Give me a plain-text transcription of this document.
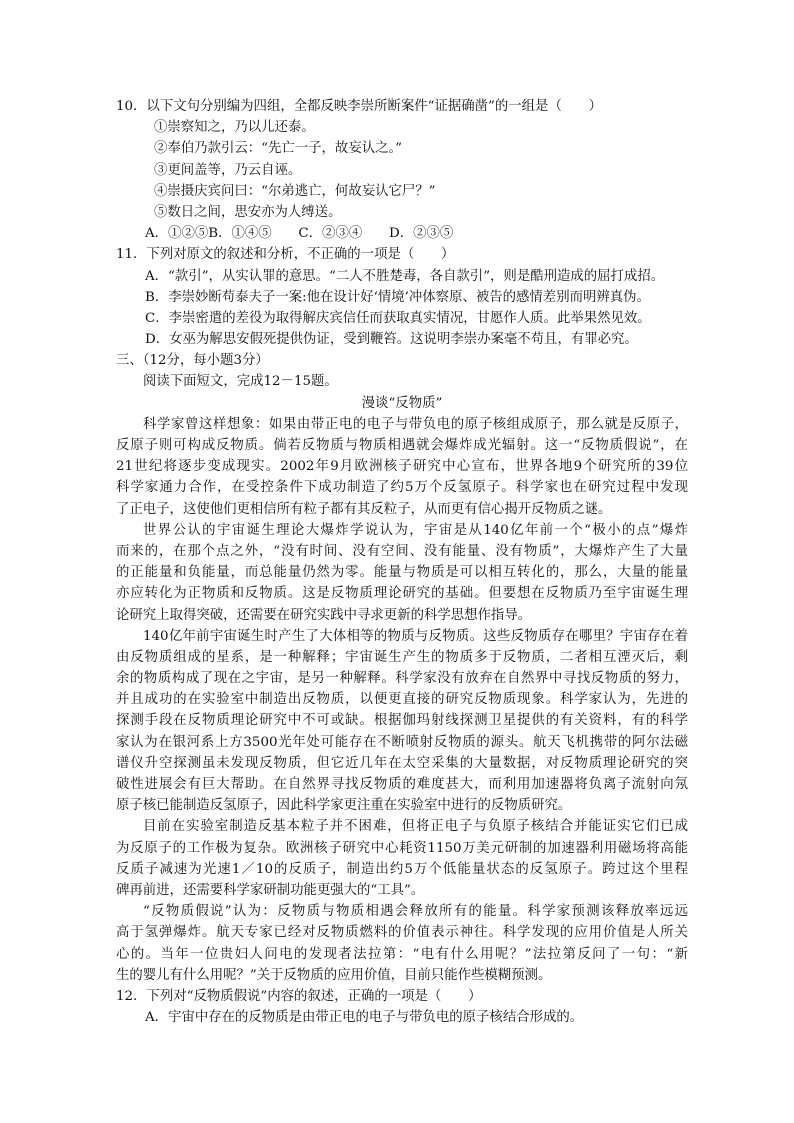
10．以下文句分别编为四组，全都反映李崇所断案件“证据确凿”的一组是（　　）
①崇察知之，乃以儿还泰。
②奉伯乃款引云：“先亡一子，故妄认之。”
③更间盖等，乃云自诬。
④崇摄庆宾问曰：“尔弟逃亡，何故妄认它尸？”
⑤数日之间，思安亦为人缚送。
A．①②⑤B．①④⑤　　C．②③④　　D．②③⑤
11．下列对原文的叙述和分析，不正确的一项是（　　）
A．“款引”，从实认罪的意思。“二人不胜楚毒，各自款引”，则是酷刑造成的屈打成招。
B．李崇妙断苟泰夫子一案:他在设计好‘情境’冲体察原、被告的感情差别而明辨真伪。
C．李崇密遣的差役为取得解庆宾信任而获取真实情况，甘愿作人质。此举果然见效。
D．女巫为解思安假死提供伪证，受到鞭笞。这说明李崇办案毫不苟且，有罪必究。
三、（12分，每小题3分）
阅读下面短文，完成12－15题。
漫谈“反物质”
科学家曾这样想象：如果由带正电的电子与带负电的原子核组成原子，那么就是反原子，
反原子则可构成反物质。倘若反物质与物质相遇就会爆炸成光辐射。这一“反物质假说”，在
21世纪将逐步变成现实。2002年9月欧洲核子研究中心宣布，世界各地9个研究所的39位
科学家通力合作，在受控条件下成功制造了约5万个反氢原子。科学家也在研究过程中发现
了正电子，这使他们更相信所有粒子都有其反粒子，从而更有信心揭开反物质之谜。
世界公认的宇宙诞生理论大爆炸学说认为，宇宙是从140亿年前一个“极小的点”爆炸
而来的，在那个点之外，“没有时间、没有空间、没有能量、没有物质”，大爆炸产生了大量
的正能量和负能量，而总能量仍然为零。能量与物质是可以相互转化的，那么，大量的能量
亦应转化为正物质和反物质。这是反物质理论研究的基础。但要想在反物质乃至宇宙诞生理
论研究上取得突破，还需要在研究实践中寻求更新的科学思想作指导。
140亿年前宇宙诞生时产生了大体相等的物质与反物质。这些反物质存在哪里？宇宙存在着
由反物质组成的星系，是一种解释；宇宙诞生产生的物质多于反物质，二者相互湮灭后，剩
余的物质构成了现在之宇宙，是另一种解释。科学家没有放弃在自然界中寻找反物质的努力，
并且成功的在实验室中制造出反物质，以便更直接的研究反物质现象。科学家认为，先进的
探测手段在反物质理论研究中不可或缺。根据伽玛射线探测卫星提供的有关资料，有的科学
家认为在银河系上方3500光年处可能存在不断喷射反物质的源头。航天飞机携带的阿尔法磁
谱仪升空探测虽未发现反物质，但它近几年在太空采集的大量数据，对反物质理论研究的突
破性进展会有巨大帮助。在自然界寻找反物质的难度甚大，而利用加速器将负离子流射向氖
原子核已能制造反氢原子，因此科学家更注重在实验室中进行的反物质研究。
目前在实验室制造反基本粒子并不困难，但将正电子与负原子核结合并能证实它们已成
为反原子的工作极为复杂。欧洲核子研究中心耗资1150万美元研制的加速器利用磁场将高能
反质子减速为光速1／10的反质子，制造出约5万个低能量状态的反氢原子。跨过这个里程
碑再前进，还需要科学家研制功能更强大的“工具”。
“反物质假说”认为：反物质与物质相遇会释放所有的能量。科学家预测该释放率远远
高于氢弹爆炸。航天专家已经对反物质燃料的价值表示神往。科学发现的应用价值是人所关
心的。当年一位贵妇人问电的发现者法拉第：“电有什么用呢？”法拉第反问了一句：“新
生的婴儿有什么用呢？”关于反物质的应用价值，目前只能作些模糊预测。
12．下列对“反物质假说”内容的叙述，正确的一项是（　　）
A．宇宙中存在的反物质是由带正电的电子与带负电的原子核结合形成的。
